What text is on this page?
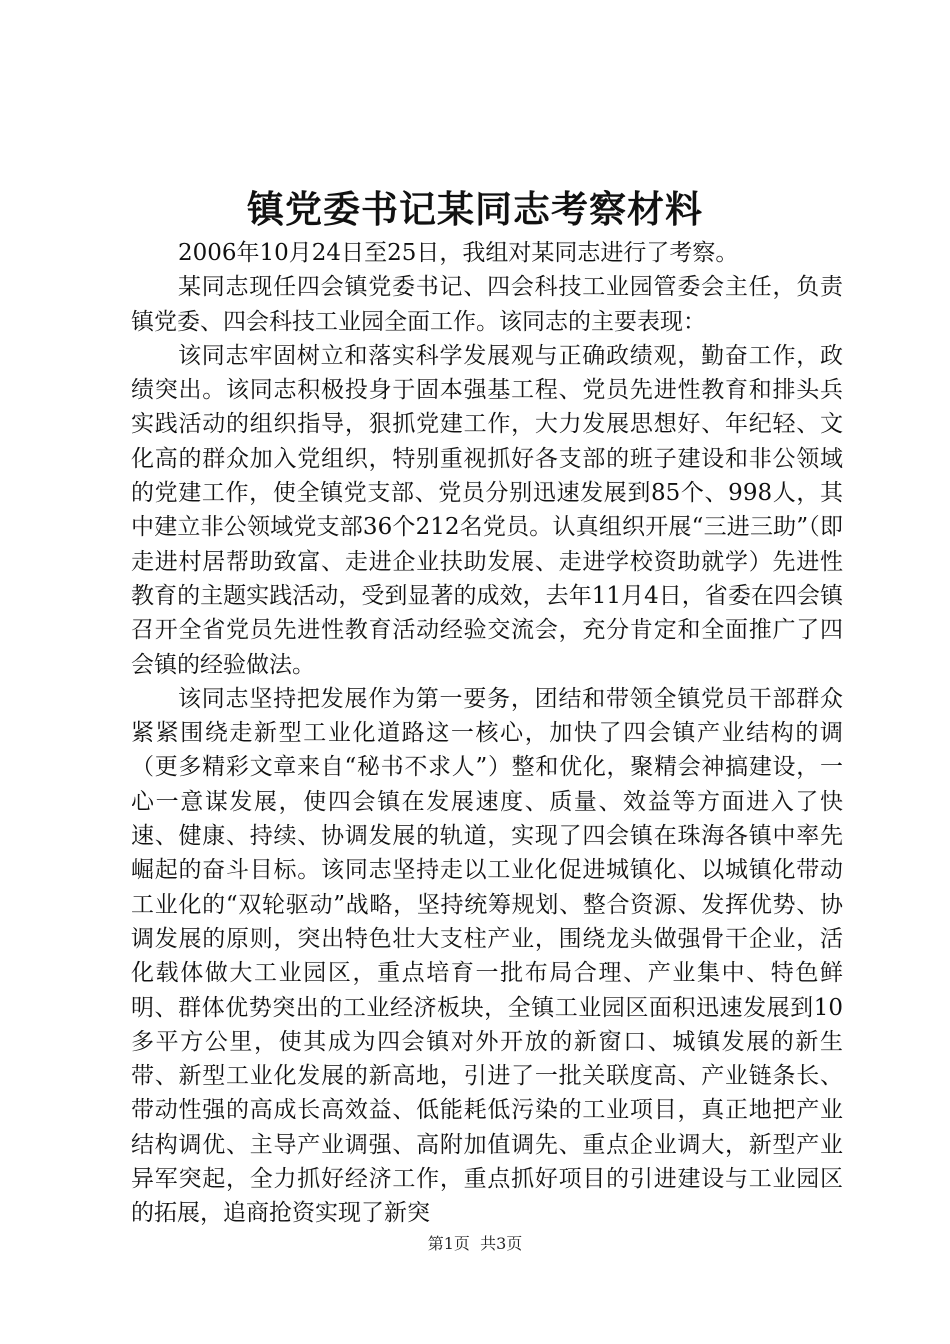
镇党委书记某同志考察材料

2006年10月24日至25日，我组对某同志进行了考察。

某同志现任四会镇党委书记、四会科技工业园管委会主任，负责镇党委、四会科技工业园全面工作。该同志的主要表现：

该同志牢固树立和落实科学发展观与正确政绩观，勤奋工作，政绩突出。该同志积极投身于固本强基工程、党员先进性教育和排头兵实践活动的组织指导，狠抓党建工作，大力发展思想好、年纪轻、文化高的群众加入党组织，特别重视抓好各支部的班子建设和非公领域的党建工作，使全镇党支部、党员分别迅速发展到85个、998人，其中建立非公领域党支部36个212名党员。认真组织开展“三进三助”（即走进村居帮助致富、走进企业扶助发展、走进学校资助就学）先进性教育的主题实践活动，受到显著的成效，去年11月4日，省委在四会镇召开全省党员先进性教育活动经验交流会，充分肯定和全面推广了四会镇的经验做法。

该同志坚持把发展作为第一要务，团结和带领全镇党员干部群众紧紧围绕走新型工业化道路这一核心，加快了四会镇产业结构的调（更多精彩文章来自“秘书不求人”）整和优化，聚精会神搞建设，一心一意谋发展，使四会镇在发展速度、质量、效益等方面进入了快速、健康、持续、协调发展的轨道，实现了四会镇在珠海各镇中率先崛起的奋斗目标。该同志坚持走以工业化促进城镇化、以城镇化带动工业化的“双轮驱动”战略，坚持统筹规划、整合资源、发挥优势、协调发展的原则，突出特色壮大支柱产业，围绕龙头做强骨干企业，活化载体做大工业园区，重点培育一批布局合理、产业集中、特色鲜明、群体优势突出的工业经济板块，全镇工业园区面积迅速发展到10多平方公里，使其成为四会镇对外开放的新窗口、城镇发展的新生带、新型工业化发展的新高地，引进了一批关联度高、产业链条长、带动性强的高成长高效益、低能耗低污染的工业项目，真正地把产业结构调优、主导产业调强、高附加值调先、重点企业调大，新型产业异军突起，全力抓好经济工作，重点抓好项目的引进建设与工业园区的拓展，追商抢资实现了新突

第1页  共3页
